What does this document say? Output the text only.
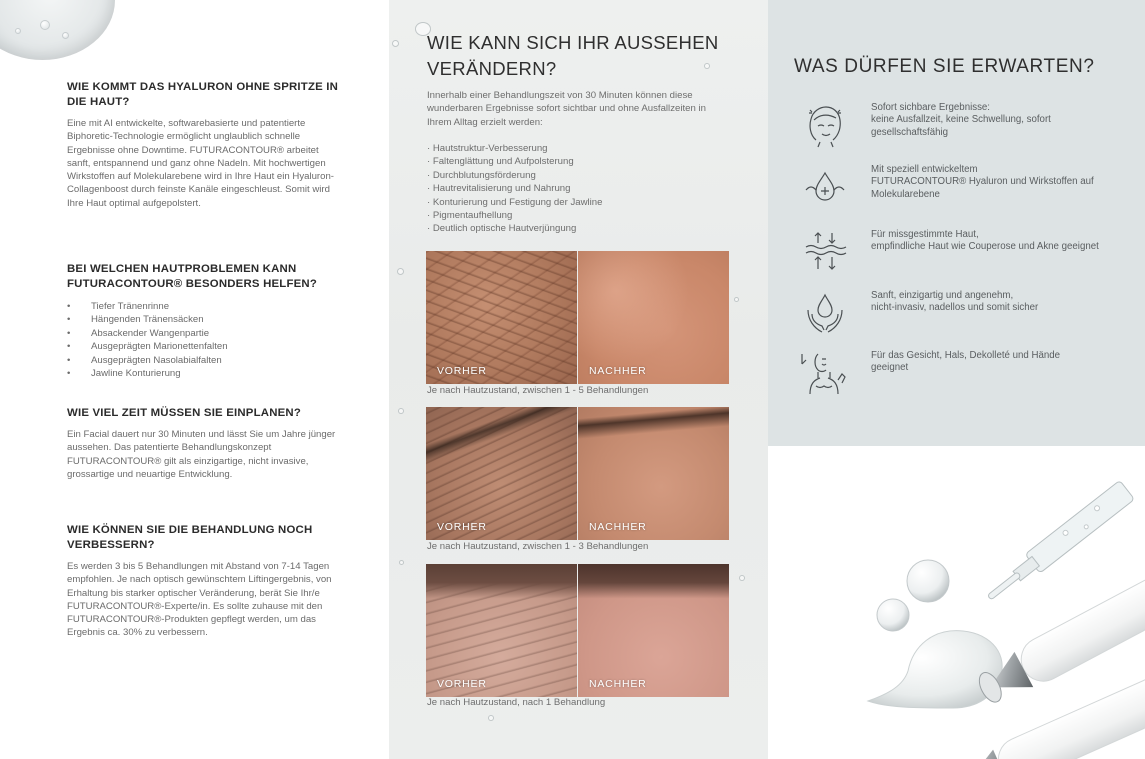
WIE KOMMT DAS HYALURON OHNE SPRITZE IN DIE HAUT?
Eine mit AI entwickelte, softwarebasierte und patentierte Biphoretic-Technologie ermöglicht unglaublich schnelle Ergebnisse ohne Downtime. FUTURACONTOUR® arbeitet sanft, entspannend und ganz ohne Nadeln. Mit hochwertigen Wirkstoffen auf Molekularebene wird in Ihre Haut ein Hyaluron-Collagenboost durch feinste Kanäle eingeschleust. Somit wird Ihre Haut optimal aufgepolstert.
BEI WELCHEN HAUTPROBLEMEN KANN FUTURACONTOUR® BESONDERS HELFEN?
• Tiefer Tränenrinne
• Hängenden Tränensäcken
• Absackender Wangenpartie
• Ausgeprägten Marionettenfalten
• Ausgeprägten Nasolabialfalten
• Jawline Konturierung
WIE VIEL ZEIT MÜSSEN SIE EINPLANEN?
Ein Facial dauert nur 30 Minuten und lässt Sie um Jahre jünger aussehen. Das patentierte Behandlungskonzept FUTURACONTOUR® gilt als einzigartige, nicht invasive, grossartige und neuartige Entwicklung.
WIE KÖNNEN SIE DIE BEHANDLUNG NOCH VERBESSERN?
Es werden 3 bis 5 Behandlungen mit Abstand von 7-14 Tagen empfohlen. Je nach optisch gewünschtem Liftingergebnis, von Erhaltung bis starker optischer Veränderung, berät Sie Ihr/e FUTURACONTOUR®-Experte/in. Es sollte zuhause mit den FUTURACONTOUR®-Produkten gepflegt werden, um das Ergebnis ca. 30% zu verbessern.
WIE KANN SICH IHR AUSSEHEN VERÄNDERN?
Innerhalb einer Behandlungszeit von 30 Minuten können diese wunderbaren Ergebnisse sofort sichtbar und ohne Ausfallzeiten in Ihrem Alltag erzielt werden:
· Hautstruktur-Verbesserung
· Faltenglättung und Aufpolsterung
· Durchblutungsförderung
· Hautrevitalisierung und Nahrung
· Konturierung und Festigung der Jawline
· Pigmentaufhellung
· Deutlich optische Hautverjüngung
VORHER	NACHHER
Je nach Hautzustand, zwischen 1 - 5 Behandlungen
VORHER	NACHHER
Je nach Hautzustand, zwischen 1 - 3 Behandlungen
VORHER	NACHHER
Je nach Hautzustand, nach 1 Behandlung
WAS DÜRFEN SIE ERWARTEN?
Sofort sichbare Ergebnisse:
keine Ausfallzeit, keine Schwellung, sofort gesellschaftsfähig
Mit speziell entwickeltem
FUTURACONTOUR® Hyaluron und Wirkstoffen auf Molekularebene
Für missgestimmte Haut,
empfindliche Haut wie Couperose und Akne geeignet
Sanft, einzigartig und angenehm,
nicht-invasiv, nadellos und somit sicher
Für das Gesicht, Hals, Dekolleté und Hände
geeignet
